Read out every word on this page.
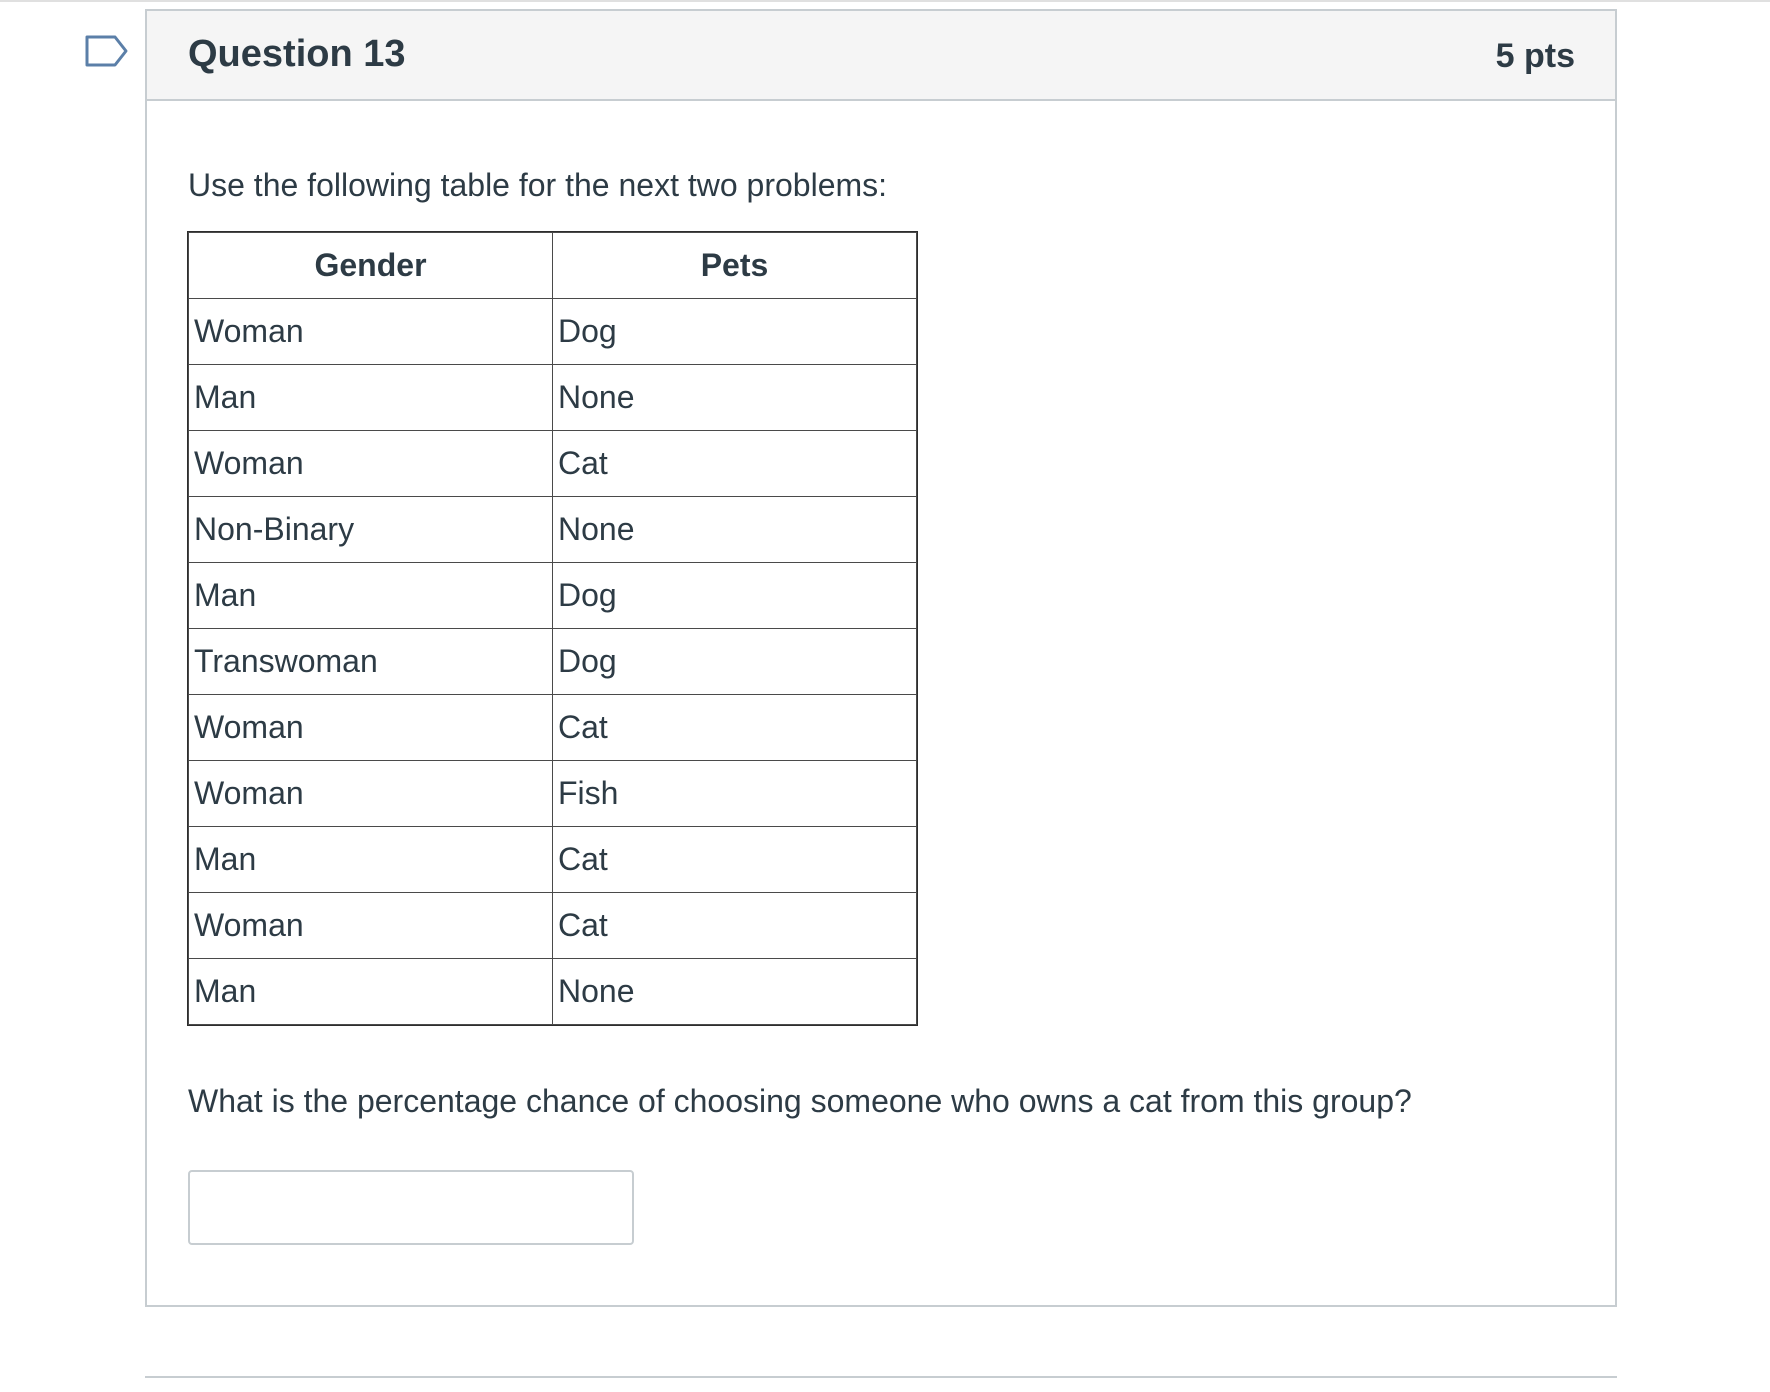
Question 13	5 pts

Use the following table for the next two problems:

Gender	Pets
Woman	Dog
Man	None
Woman	Cat
Non-Binary	None
Man	Dog
Transwoman	Dog
Woman	Cat
Woman	Fish
Man	Cat
Woman	Cat
Man	None

What is the percentage chance of choosing someone who owns a cat from this group?
